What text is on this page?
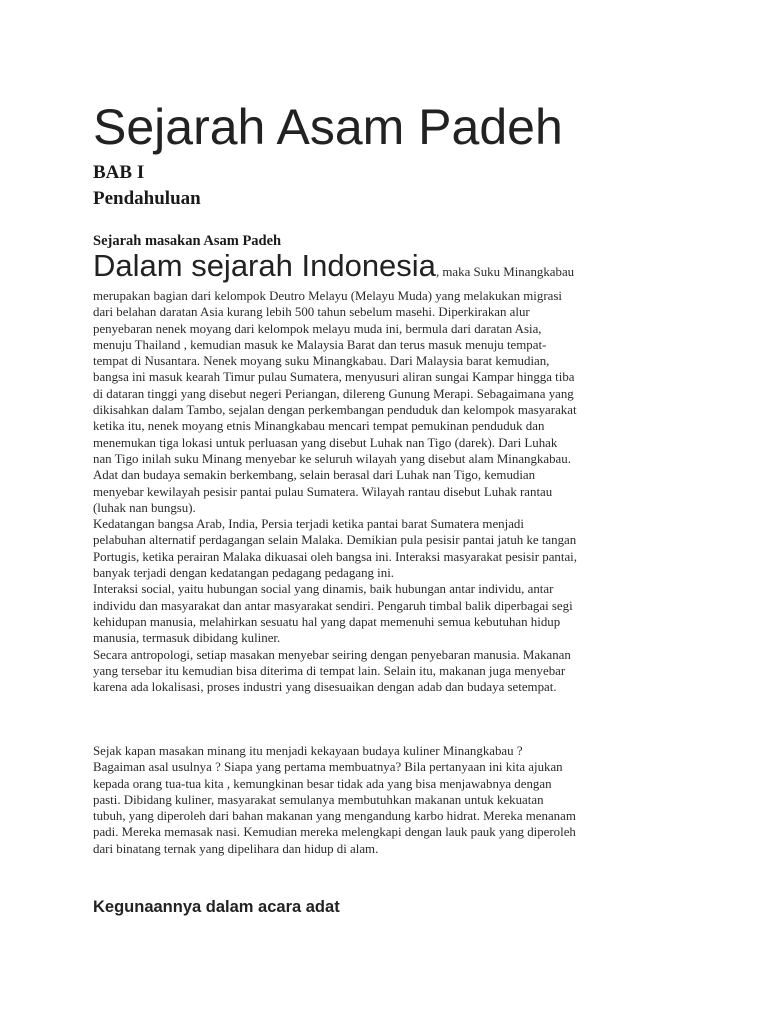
Sejarah Asam Padeh
BAB I
Pendahuluan
Sejarah masakan Asam Padeh
Dalam sejarah Indonesia, maka Suku Minangkabau
merupakan bagian dari kelompok Deutro Melayu (Melayu Muda) yang melakukan migrasi
dari belahan daratan Asia kurang lebih 500 tahun sebelum masehi. Diperkirakan alur
penyebaran nenek moyang dari kelompok melayu muda ini, bermula dari daratan Asia,
menuju Thailand , kemudian masuk ke Malaysia Barat dan terus masuk menuju tempat-
tempat di Nusantara. Nenek moyang suku Minangkabau. Dari Malaysia barat kemudian,
bangsa ini masuk kearah Timur pulau Sumatera, menyusuri aliran sungai Kampar hingga tiba
di dataran tinggi yang disebut negeri Periangan, dilereng Gunung Merapi. Sebagaimana yang
dikisahkan dalam Tambo, sejalan dengan perkembangan penduduk dan kelompok masyarakat
ketika itu, nenek moyang etnis Minangkabau mencari tempat pemukinan penduduk dan
menemukan tiga lokasi untuk perluasan yang disebut Luhak nan Tigo (darek). Dari Luhak
nan Tigo inilah suku Minang menyebar ke seluruh wilayah yang disebut alam Minangkabau.
Adat dan budaya semakin berkembang, selain berasal dari Luhak nan Tigo, kemudian
menyebar kewilayah pesisir pantai pulau Sumatera. Wilayah rantau disebut Luhak rantau
(luhak nan bungsu).
Kedatangan bangsa Arab, India, Persia terjadi ketika pantai barat Sumatera menjadi
pelabuhan alternatif perdagangan selain Malaka. Demikian pula pesisir pantai jatuh ke tangan
Portugis, ketika perairan Malaka dikuasai oleh bangsa ini. Interaksi masyarakat pesisir pantai,
banyak terjadi dengan kedatangan pedagang pedagang ini.
Interaksi social, yaitu hubungan social yang dinamis, baik hubungan antar individu, antar
individu dan masyarakat dan antar masyarakat sendiri. Pengaruh timbal balik diperbagai segi
kehidupan manusia, melahirkan sesuatu hal yang dapat memenuhi semua kebutuhan hidup
manusia, termasuk dibidang kuliner.
Secara antropologi, setiap masakan menyebar seiring dengan penyebaran manusia. Makanan
yang tersebar itu kemudian bisa diterima di tempat lain. Selain itu, makanan juga menyebar
karena ada lokalisasi, proses industri yang disesuaikan dengan adab dan budaya setempat.
Sejak kapan masakan minang itu menjadi kekayaan budaya kuliner Minangkabau ?
Bagaiman asal usulnya ? Siapa yang pertama membuatnya? Bila pertanyaan ini kita ajukan
kepada orang tua-tua kita , kemungkinan besar tidak ada yang bisa menjawabnya dengan
pasti. Dibidang kuliner, masyarakat semulanya membutuhkan makanan untuk kekuatan
tubuh, yang diperoleh dari bahan makanan yang mengandung karbo hidrat. Mereka menanam
padi. Mereka memasak nasi. Kemudian mereka melengkapi dengan lauk pauk yang diperoleh
dari binatang ternak yang dipelihara dan hidup di alam.
Kegunaannya dalam acara adat
